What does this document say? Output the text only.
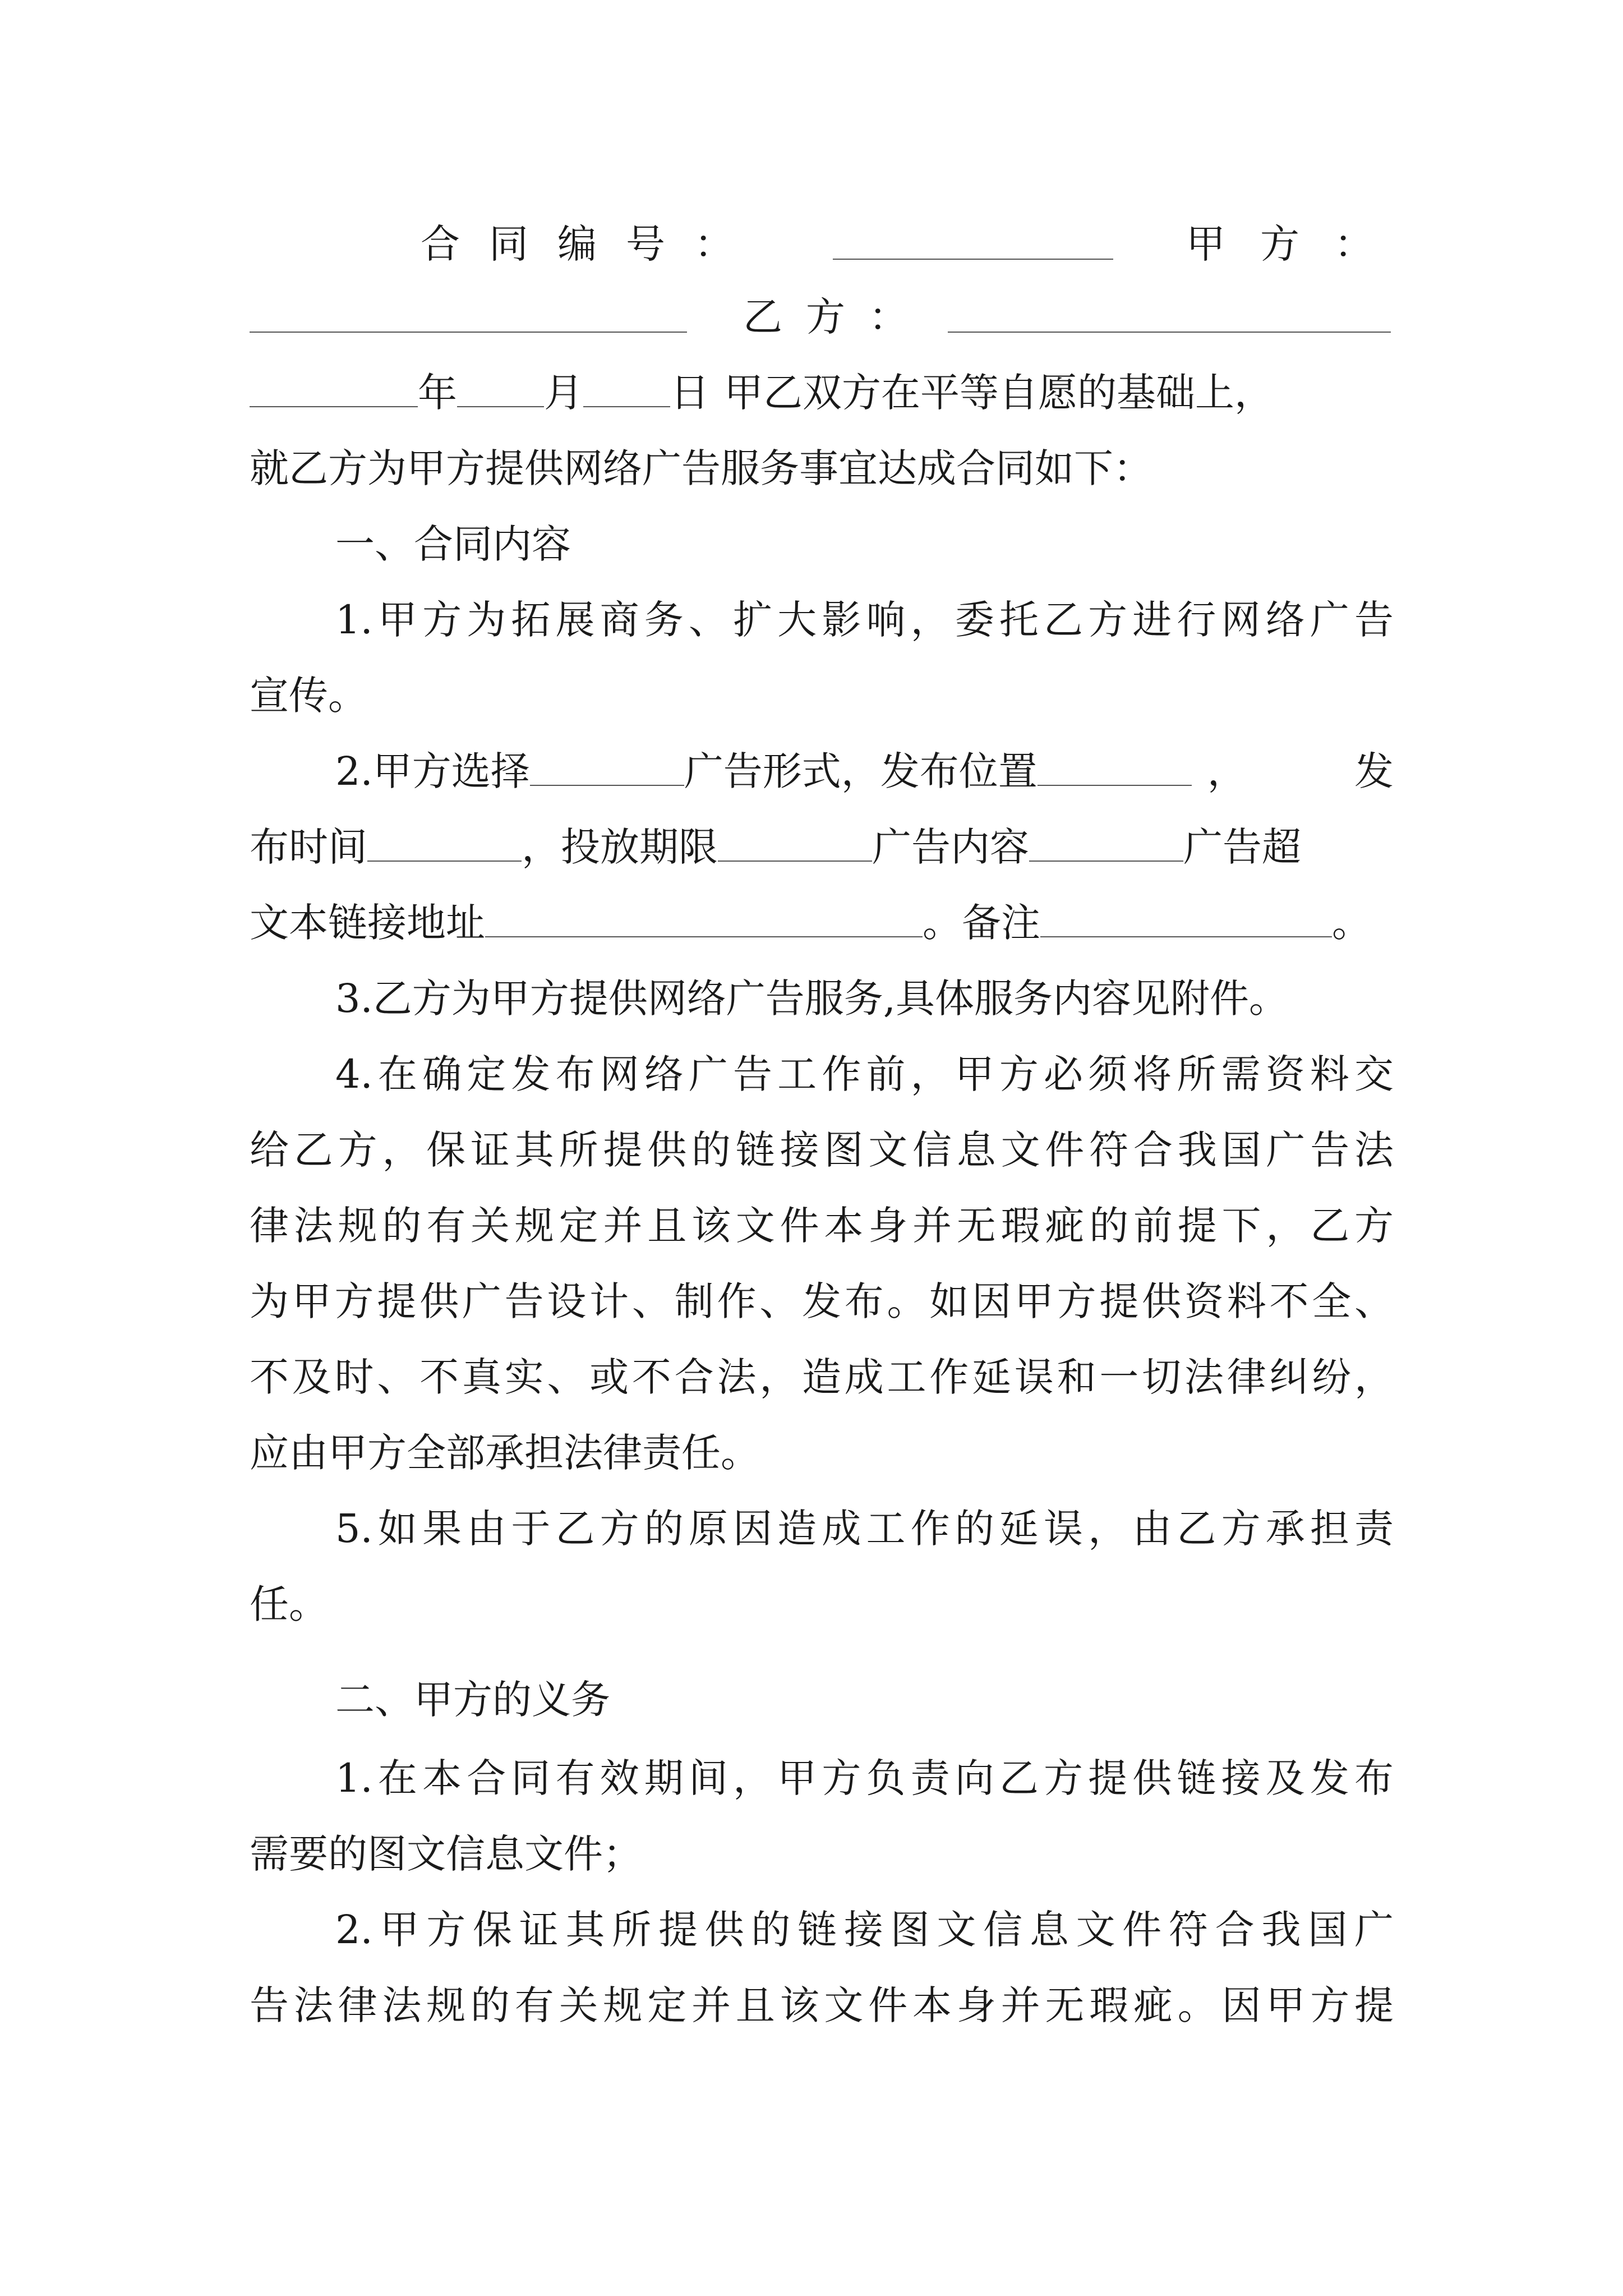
合同编号：	甲方：
乙方：
年 月 日 甲乙双方在平等自愿的基础上，
就乙方为甲方提供网络广告服务事宜达成合同如下：
一、合同内容
1.甲方为拓展商务、扩大影响，委托乙方进行网络广告
宣传。
2.甲方选择	广告形式，发布位置	，	发
布时间	，投放期限	广告内容	广告超
文本链接地址	。备注	。
3.乙方为甲方提供网络广告服务,具体服务内容见附件。
4.在确定发布网络广告工作前，甲方必须将所需资料交
给乙方，保证其所提供的链接图文信息文件符合我国广告法
律法规的有关规定并且该文件本身并无瑕疵的前提下，乙方
为甲方提供广告设计、制作、发布。如因甲方提供资料不全、
不及时、不真实、或不合法，造成工作延误和一切法律纠纷，
应由甲方全部承担法律责任。
5.如果由于乙方的原因造成工作的延误，由乙方承担责
任。
二、甲方的义务
1.在本合同有效期间，甲方负责向乙方提供链接及发布
需要的图文信息文件；
2.甲方保证其所提供的链接图文信息文件符合我国广
告法律法规的有关规定并且该文件本身并无瑕疵。因甲方提
